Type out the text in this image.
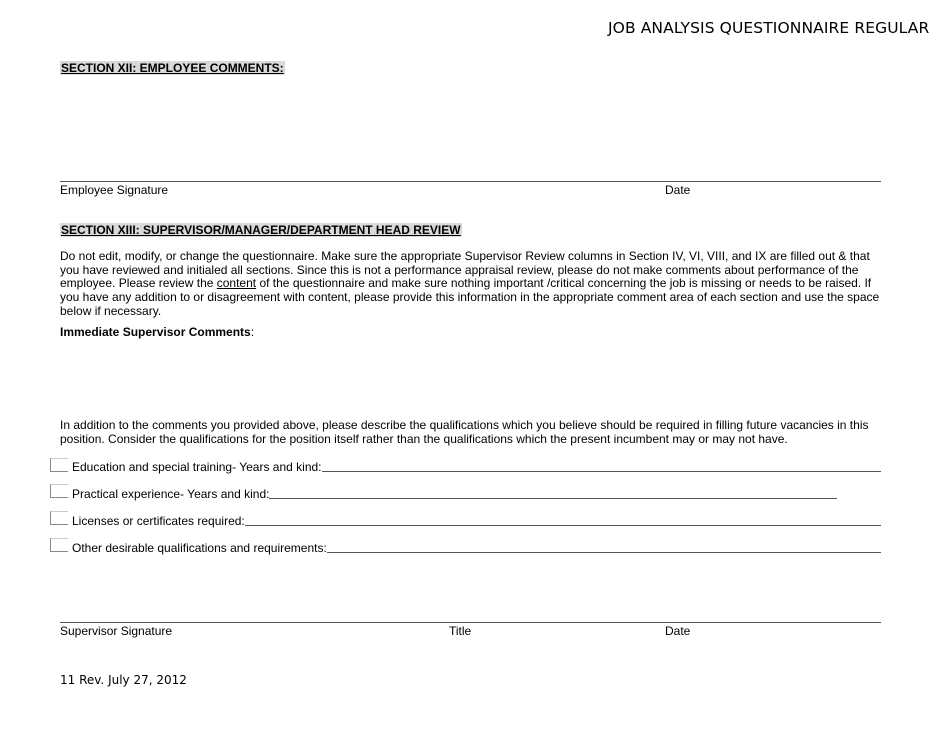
JOB ANALYSIS QUESTIONNAIRE REGULAR
SECTION XII: EMPLOYEE COMMENTS:
Employee Signature	Date
SECTION XIII: SUPERVISOR/MANAGER/DEPARTMENT HEAD REVIEW
Do not edit, modify, or change the questionnaire. Make sure the appropriate Supervisor Review columns in Section IV, VI, VIII, and IX are filled out & that you have reviewed and initialed all sections. Since this is not a performance appraisal review, please do not make comments about performance of the employee. Please review the content of the questionnaire and make sure nothing important /critical concerning the job is missing or needs to be raised. If you have any addition to or disagreement with content, please provide this information in the appropriate comment area of each section and use the space below if necessary.
Immediate Supervisor Comments:
In addition to the comments you provided above, please describe the qualifications which you believe should be required in filling future vacancies in this position. Consider the qualifications for the position itself rather than the qualifications which the present incumbent may or may not have.
Education and special training- Years and kind:
Practical experience- Years and kind:
Licenses or certificates required:
Other desirable qualifications and requirements:
Supervisor Signature	Title	Date
11 Rev. July 27, 2012
